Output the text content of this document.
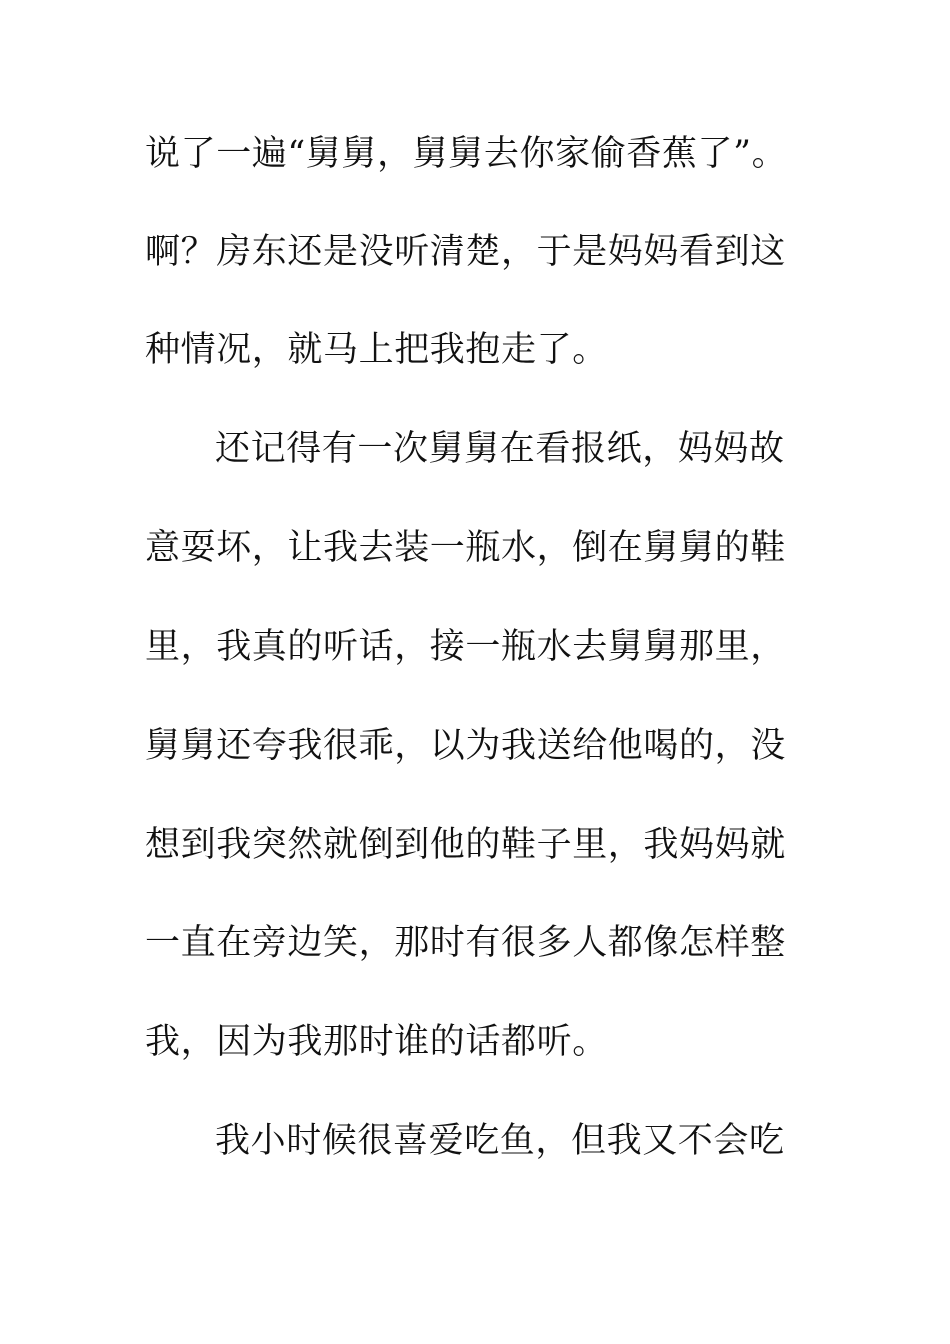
说了一遍“舅舅，舅舅去你家偷香蕉了”。

啊？房东还是没听清楚，于是妈妈看到这

种情况，就马上把我抱走了。

还记得有一次舅舅在看报纸，妈妈故

意耍坏，让我去装一瓶水，倒在舅舅的鞋

里，我真的听话，接一瓶水去舅舅那里，

舅舅还夸我很乖，以为我送给他喝的，没

想到我突然就倒到他的鞋子里，我妈妈就

一直在旁边笑，那时有很多人都像怎样整

我，因为我那时谁的话都听。

我小时候很喜爱吃鱼，但我又不会吃
